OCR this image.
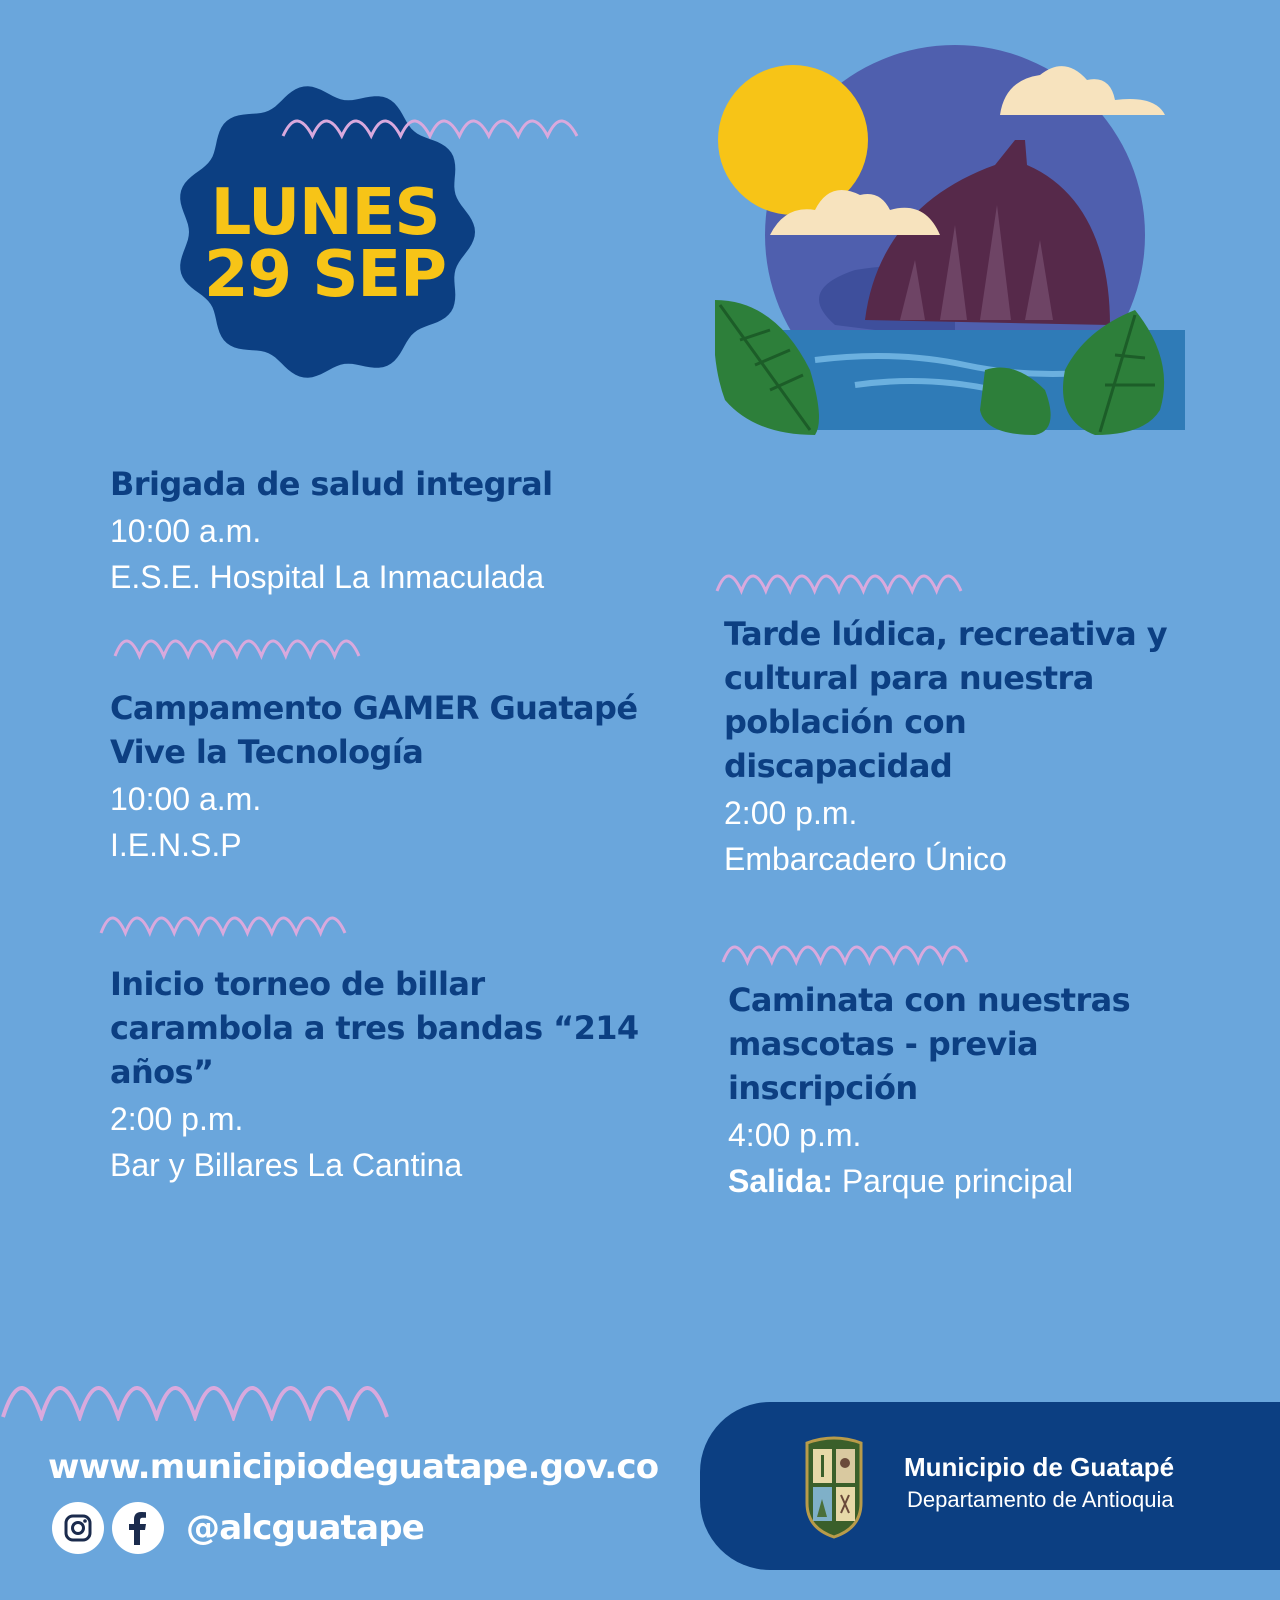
LUNES
29 SEP
Brigada de salud integral
10:00 a.m.
E.S.E. Hospital La Inmaculada
Campamento GAMER Guatapé Vive la Tecnología
10:00 a.m.
I.E.N.S.P
Inicio torneo de billar carambola a tres bandas “214 años”
2:00 p.m.
Bar y Billares La Cantina
Tarde lúdica, recreativa y cultural para nuestra población con discapacidad
2:00 p.m.
Embarcadero Único
Caminata con nuestras mascotas - previa inscripción
4:00 p.m.
Salida: Parque principal
www.municipiodeguatape.gov.co
@alcguatape
Municipio de Guatapé
Departamento de Antioquia
